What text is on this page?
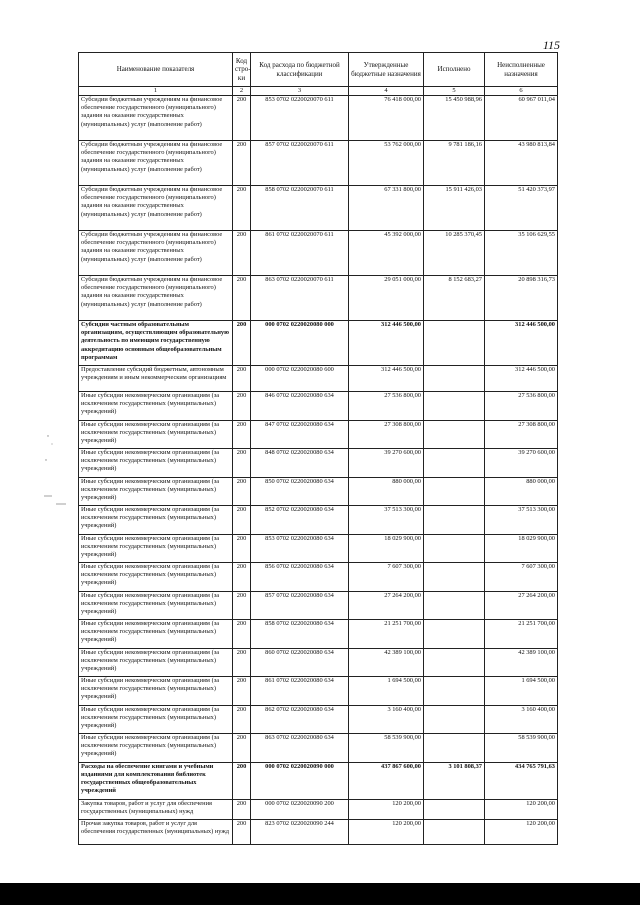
115
Наименование показателя	Код стро-ки	Код расхода по бюджетной классификации	Утвержденные бюджетные назначения	Исполнено	Неисполненные назначения
1	2	3	4	5	6
Субсидии бюджетным учреждениям на финансовое обеспечение государственного (муниципального) задания на оказание государственных (муниципальных) услуг (выполнение работ)	200	853 0702 0220020070 611	76 418 000,00	15 450 988,96	60 967 011,04
Субсидии бюджетным учреждениям на финансовое обеспечение государственного (муниципального) задания на оказание государственных (муниципальных) услуг (выполнение работ)	200	857 0702 0220020070 611	53 762 000,00	9 781 186,16	43 980 813,84
Субсидии бюджетным учреждениям на финансовое обеспечение государственного (муниципального) задания на оказание государственных (муниципальных) услуг (выполнение работ)	200	858 0702 0220020070 611	67 331 800,00	15 911 426,03	51 420 373,97
Субсидии бюджетным учреждениям на финансовое обеспечение государственного (муниципального) задания на оказание государственных (муниципальных) услуг (выполнение работ)	200	861 0702 0220020070 611	45 392 000,00	10 285 370,45	35 106 629,55
Субсидии бюджетным учреждениям на финансовое обеспечение государственного (муниципального) задания на оказание государственных (муниципальных) услуг (выполнение работ)	200	863 0702 0220020070 611	29 051 000,00	8 152 683,27	20 898 316,73
Субсидии частным образовательным организациям, осуществляющим образовательную деятельность по имеющим государственную аккредитацию основным общеобразовательным программам	200	000 0702 0220020080 000	312 446 500,00		312 446 500,00
Предоставление субсидий бюджетным, автономным учреждениям и иным некоммерческим организациям	200	000 0702 0220020080 600	312 446 500,00		312 446 500,00
Иные субсидии некоммерческим организациям (за исключением государственных (муниципальных) учреждений)	200	846 0702 0220020080 634	27 536 800,00		27 536 800,00
Иные субсидии некоммерческим организациям (за исключением государственных (муниципальных) учреждений)	200	847 0702 0220020080 634	27 308 800,00		27 308 800,00
Иные субсидии некоммерческим организациям (за исключением государственных (муниципальных) учреждений)	200	848 0702 0220020080 634	39 270 600,00		39 270 600,00
Иные субсидии некоммерческим организациям (за исключением государственных (муниципальных) учреждений)	200	850 0702 0220020080 634	880 000,00		880 000,00
Иные субсидии некоммерческим организациям (за исключением государственных (муниципальных) учреждений)	200	852 0702 0220020080 634	37 513 300,00		37 513 300,00
Иные субсидии некоммерческим организациям (за исключением государственных (муниципальных) учреждений)	200	853 0702 0220020080 634	18 029 900,00		18 029 900,00
Иные субсидии некоммерческим организациям (за исключением государственных (муниципальных) учреждений)	200	856 0702 0220020080 634	7 607 300,00		7 607 300,00
Иные субсидии некоммерческим организациям (за исключением государственных (муниципальных) учреждений)	200	857 0702 0220020080 634	27 264 200,00		27 264 200,00
Иные субсидии некоммерческим организациям (за исключением государственных (муниципальных) учреждений)	200	858 0702 0220020080 634	21 251 700,00		21 251 700,00
Иные субсидии некоммерческим организациям (за исключением государственных (муниципальных) учреждений)	200	860 0702 0220020080 634	42 389 100,00		42 389 100,00
Иные субсидии некоммерческим организациям (за исключением государственных (муниципальных) учреждений)	200	861 0702 0220020080 634	1 694 500,00		1 694 500,00
Иные субсидии некоммерческим организациям (за исключением государственных (муниципальных) учреждений)	200	862 0702 0220020080 634	3 160 400,00		3 160 400,00
Иные субсидии некоммерческим организациям (за исключением государственных (муниципальных) учреждений)	200	863 0702 0220020080 634	58 539 900,00		58 539 900,00
Расходы на обеспечение книгами и учебными изданиями для комплектования библиотек государственных общеобразовательных учреждений	200	000 0702 0220020090 000	437 867 600,00	3 101 808,37	434 765 791,63
Закупка товаров, работ и услуг для обеспечения государственных (муниципальных) нужд	200	000 0702 0220020090 200	120 200,00		120 200,00
Прочая закупка товаров, работ и услуг для обеспечения государственных (муниципальных) нужд	200	823 0702 0220020090 244	120 200,00		120 200,00
